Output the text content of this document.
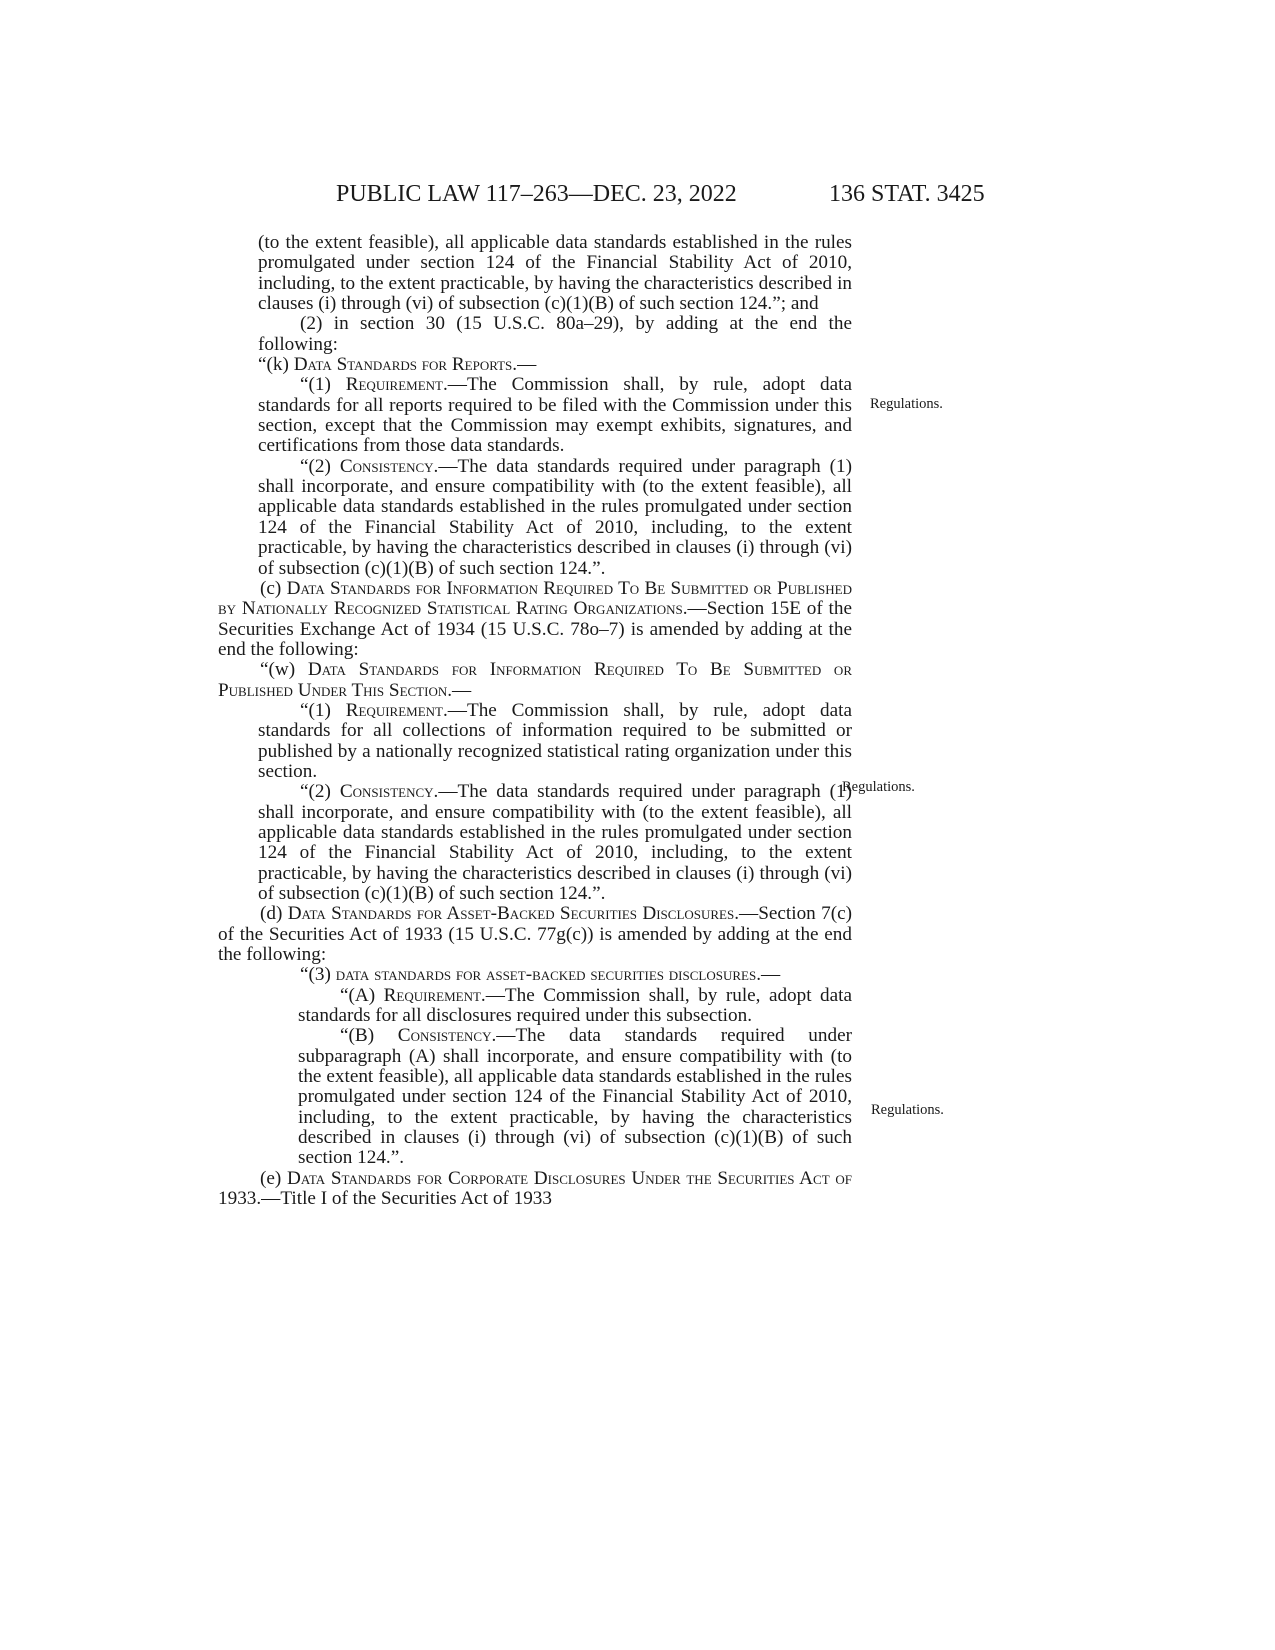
PUBLIC LAW 117–263—DEC. 23, 2022	136 STAT. 3425
Regulations.
Regulations.
Regulations.

(to the extent feasible), all applicable data standards established in the rules promulgated under section 124 of the Financial Stability Act of 2010, including, to the extent practicable, by having the characteristics described in clauses (i) through (vi) of subsection (c)(1)(B) of such section 124.”; and

(2) in section 30 (15 U.S.C. 80a–29), by adding at the end the following:

“(k) Data Standards for Reports.—

“(1) Requirement.—The Commission shall, by rule, adopt data standards for all reports required to be filed with the Commission under this section, except that the Commission may exempt exhibits, signatures, and certifications from those data standards.

“(2) Consistency.—The data standards required under paragraph (1) shall incorporate, and ensure compatibility with (to the extent feasible), all applicable data standards established in the rules promulgated under section 124 of the Financial Stability Act of 2010, including, to the extent practicable, by having the characteristics described in clauses (i) through (vi) of subsection (c)(1)(B) of such section 124.”.

(c) Data Standards for Information Required To Be Submitted or Published by Nationally Recognized Statistical Rating Organizations.—Section 15E of the Securities Exchange Act of 1934 (15 U.S.C. 78o–7) is amended by adding at the end the following:

“(w) Data Standards for Information Required To Be Submitted or Published Under This Section.—

“(1) Requirement.—The Commission shall, by rule, adopt data standards for all collections of information required to be submitted or published by a nationally recognized statistical rating organization under this section.

“(2) Consistency.—The data standards required under paragraph (1) shall incorporate, and ensure compatibility with (to the extent feasible), all applicable data standards established in the rules promulgated under section 124 of the Financial Stability Act of 2010, including, to the extent practicable, by having the characteristics described in clauses (i) through (vi) of subsection (c)(1)(B) of such section 124.”.

(d) Data Standards for Asset-Backed Securities Disclosures.—Section 7(c) of the Securities Act of 1933 (15 U.S.C. 77g(c)) is amended by adding at the end the following:

“(3) data standards for asset-backed securities disclosures.—

“(A) Requirement.—The Commission shall, by rule, adopt data standards for all disclosures required under this subsection.

“(B) Consistency.—The data standards required under subparagraph (A) shall incorporate, and ensure compatibility with (to the extent feasible), all applicable data standards established in the rules promulgated under section 124 of the Financial Stability Act of 2010, including, to the extent practicable, by having the characteristics described in clauses (i) through (vi) of subsection (c)(1)(B) of such section 124.”.

(e) Data Standards for Corporate Disclosures Under the Securities Act of 1933.—Title I of the Securities Act of 1933
